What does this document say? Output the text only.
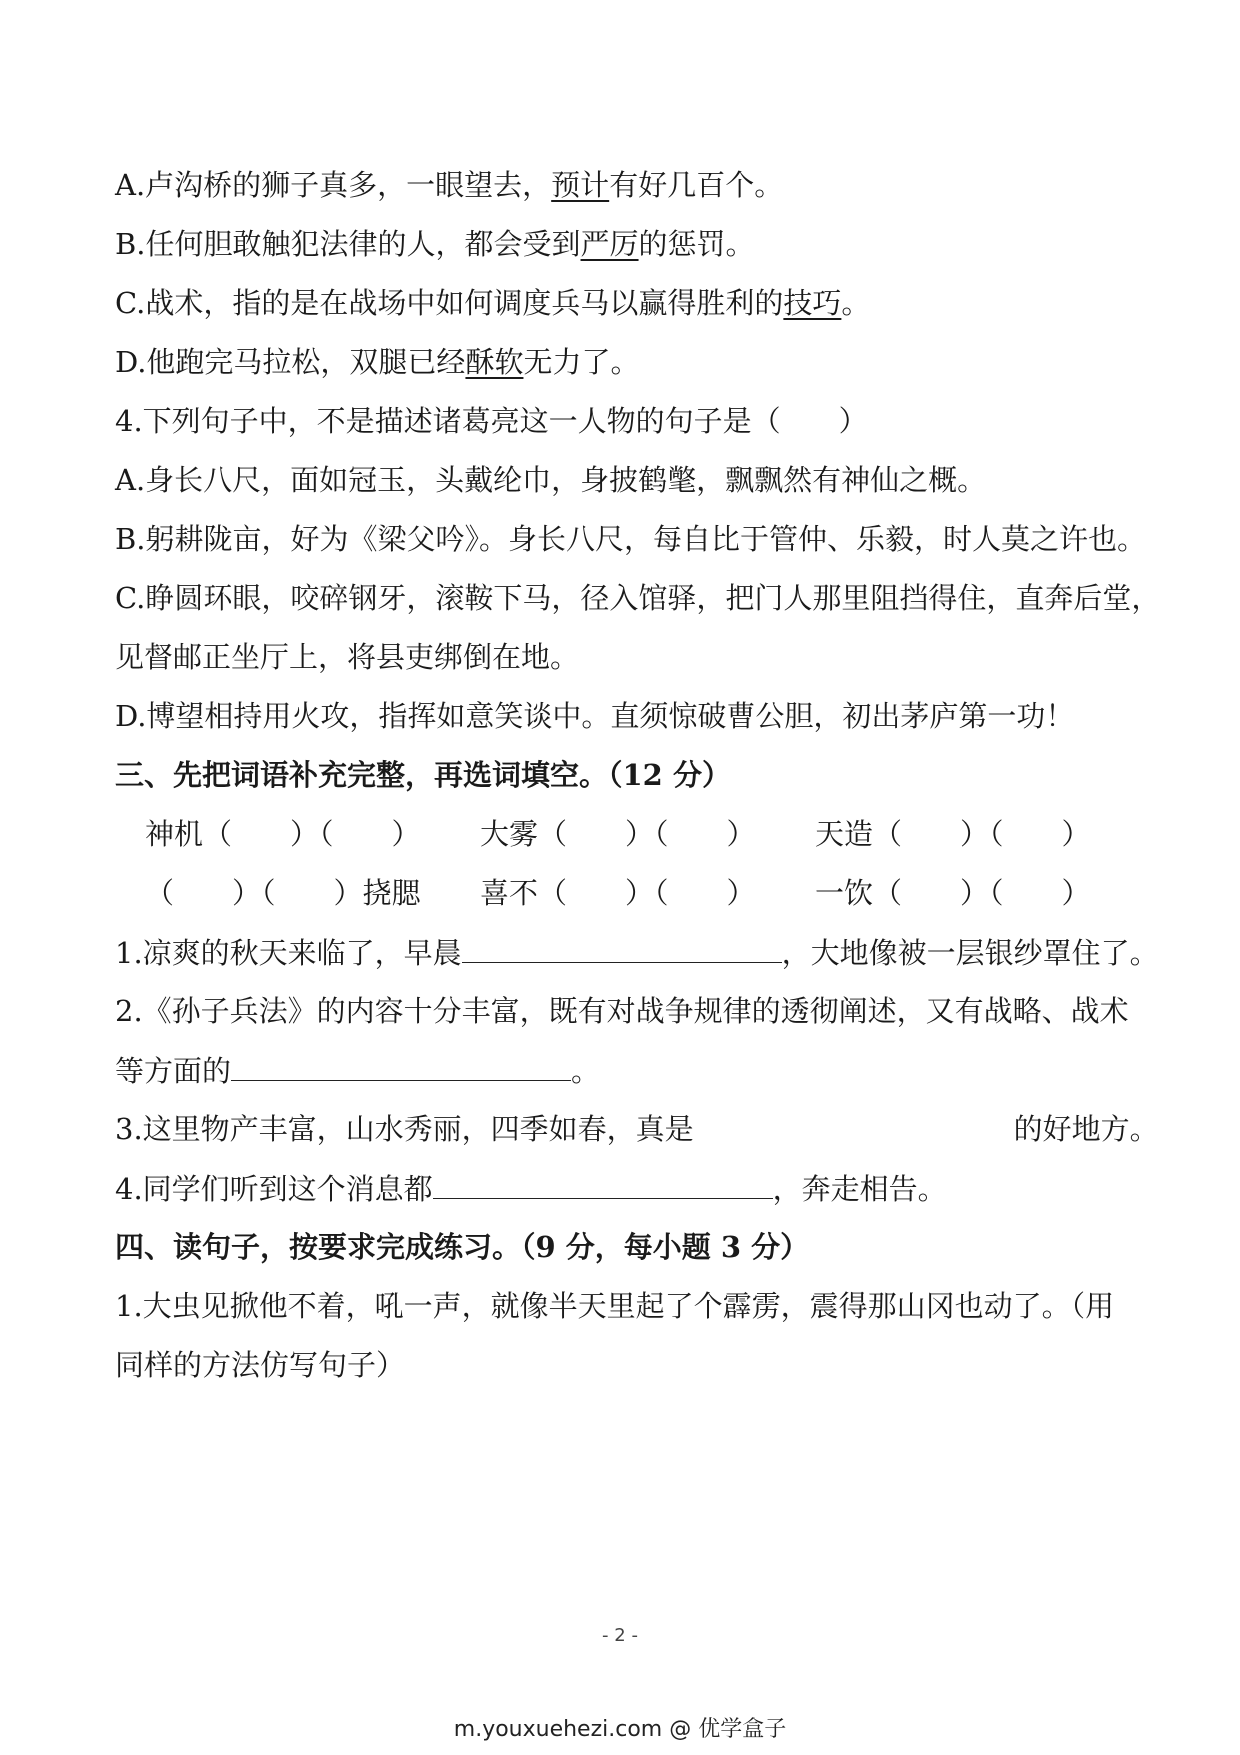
A.卢沟桥的狮子真多，一眼望去，预计有好几百个。
B.任何胆敢触犯法律的人，都会受到严厉的惩罚。
C.战术，指的是在战场中如何调度兵马以赢得胜利的技巧。
D.他跑完马拉松，双腿已经酥软无力了。
4.下列句子中，不是描述诸葛亮这一人物的句子是（　　）
A.身长八尺，面如冠玉，头戴纶巾，身披鹤氅，飘飘然有神仙之概。
B.躬耕陇亩，好为《梁父吟》。身长八尺，每自比于管仲、乐毅，时人莫之许也。
C.睁圆环眼，咬碎钢牙，滚鞍下马，径入馆驿，把门人那里阻挡得住，直奔后堂，
见督邮正坐厅上，将县吏绑倒在地。
D.博望相持用火攻，指挥如意笑谈中。直须惊破曹公胆，初出茅庐第一功！
三、先把词语补充完整，再选词填空。（12 分）
神机（　　）（　　） 大雾（　　）（　　） 天造（　　）（　　）
（　　）（　　）挠腮 喜不（　　）（　　） 一饮（　　）（　　）
1.凉爽的秋天来临了，早晨	，大地像被一层银纱罩住了。
2.《孙子兵法》的内容十分丰富，既有对战争规律的透彻阐述，又有战略、战术
等方面的	。
3.这里物产丰富，山水秀丽，四季如春，真是	的好地方。
4.同学们听到这个消息都	，奔走相告。
四、读句子，按要求完成练习。（9 分，每小题 3 分）
1.大虫见掀他不着，吼一声，就像半天里起了个霹雳，震得那山冈也动了。（用
同样的方法仿写句子）
- 2 -
m.youxuehezi.com @ 优学盒子
